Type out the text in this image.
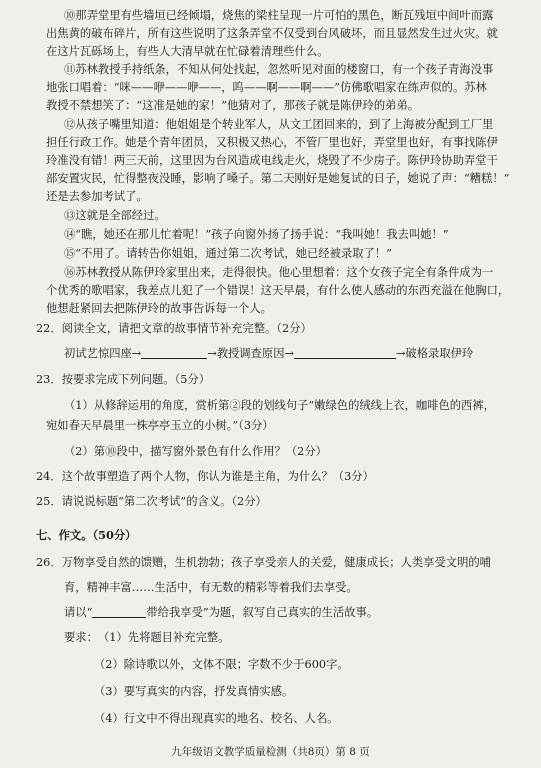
⑩那弄堂里有些墙垣已经倾塌，烧焦的梁柱呈现一片可怕的黑色，断瓦残垣中间叶而露
出焦黄的破布碎片，所有这些说明了这条弄堂不仅受到台风破坏，而且显然发生过火灾。就
在这片瓦砾场上，有些人大清早就在忙碌着清理些什么。
⑪苏林教授手持纸条，不知从何处找起，忽然听见对面的楼窗口，有一个孩子青海没事
地张口唱着：“咪——咿——咿——，呜——啊——啊——”仿佛歌唱家在练声似的。苏林
教授不禁想笑了：“这准是她的家！”他猜对了，那孩子就是陈伊玲的弟弟。
⑫从孩子嘴里知道：他姐姐是个转业军人，从文工团回来的，到了上海被分配到工厂里
担任行政工作。她是个青年团员，又积极又热心，不管厂里也好，弄堂里也好，有事找陈伊
玲准没有错！两三天前，这里因为台风造成电线走火，烧毁了不少房子。陈伊玲协助弄堂干
部安置灾民，忙得整夜没睡，影响了嗓子。第二天刚好是她复试的日子，她说了声：“糟糕！”
还是去参加考试了。
⑬这就是全部经过。
⑭“瞧，她还在那儿忙着呢！”孩子向窗外扬了扬手说：“我叫她！我去叫她！”
⑮“不用了。请转告你姐姐，通过第二次考试，她已经被录取了！”
⑯苏林教授从陈伊玲家里出来，走得很快。他心里想着：这个女孩子完全有条件成为一
个优秀的歌唱家，我差点儿犯了一个错误！这天早晨，有什么使人感动的东西充溢在他胸口，
他想赶紧回去把陈伊玲的故事告诉每一个人。
22．阅读全文，请把文章的故事情节补充完整。（2分）
初试艺惊四座→	→教授调查原因→	→破格录取伊玲
23．按要求完成下列问题。（5分）
（1）从修辞运用的角度，赏析第②段的划线句子“嫩绿色的绒线上衣，咖啡色的西裤，
宛如春天早晨里一株亭亭玉立的小树。”（3分）
（2）第⑩段中，描写窗外景色有什么作用？（2分）
24．这个故事塑造了两个人物，你认为谁是主角，为什么？（3分）
25．请说说标题“第二次考试”的含义。（2分）
七、作文。（50分）
26．万物享受自然的馈赠，生机勃勃；孩子享受亲人的关爱，健康成长；人类享受文明的哺
育，精神丰富……生活中，有无数的精彩等着我们去享受。
请以“	带给我享受”为题，叙写自己真实的生活故事。
要求： （1）先将题目补充完整。
（2）除诗歌以外，文体不限；字数不少于600字。
（3）要写真实的内容，抒发真情实感。
（4）行文中不得出现真实的地名、校名、人名。
九年级语文教学质量检测（共8页）第 8 页
